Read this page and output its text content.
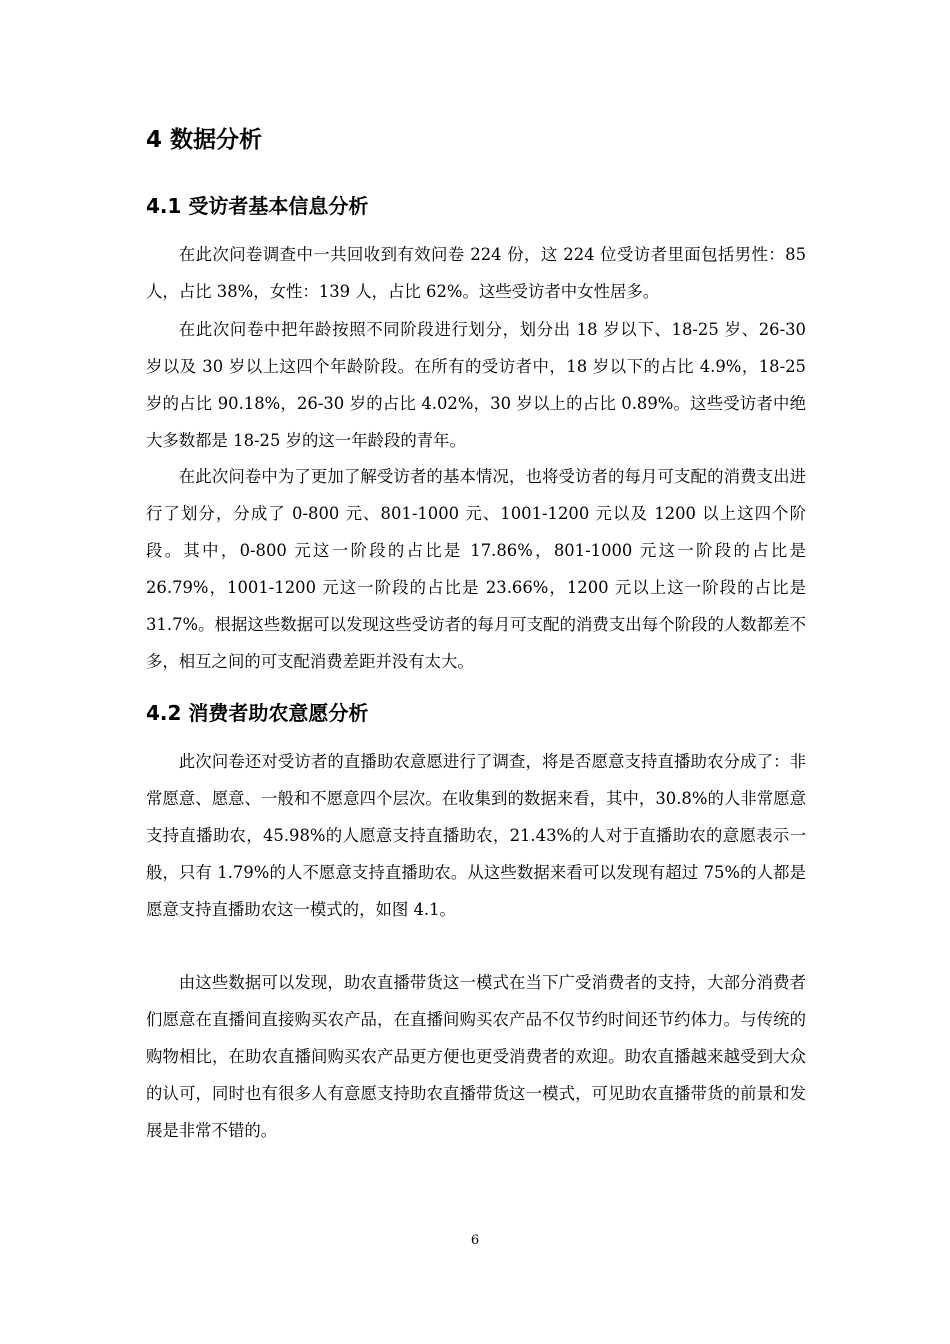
4 数据分析
4.1 受访者基本信息分析

在此次问卷调查中一共回收到有效问卷 224 份，这 224 位受访者里面包括男性：85 人，占比 38%，女性：139 人，占比 62%。这些受访者中女性居多。

在此次问卷中把年龄按照不同阶段进行划分，划分出 18 岁以下、18-25 岁、26-30 岁以及 30 岁以上这四个年龄阶段。在所有的受访者中，18 岁以下的占比 4.9%，18-25 岁的占比 90.18%，26-30 岁的占比 4.02%，30 岁以上的占比 0.89%。这些受访者中绝大多数都是 18-25 岁的这一年龄段的青年。

在此次问卷中为了更加了解受访者的基本情况，也将受访者的每月可支配的消费支出进行了划分，分成了 0-800 元、801-1000 元、1001-1200 元以及 1200 以上这四个阶段。其中，0-800 元这一阶段的占比是 17.86%，801-1000 元这一阶段的占比是 26.79%，1001-1200 元这一阶段的占比是 23.66%，1200 元以上这一阶段的占比是 31.7%。根据这些数据可以发现这些受访者的每月可支配的消费支出每个阶段的人数都差不多，相互之间的可支配消费差距并没有太大。

4.2 消费者助农意愿分析

此次问卷还对受访者的直播助农意愿进行了调查，将是否愿意支持直播助农分成了：非常愿意、愿意、一般和不愿意四个层次。在收集到的数据来看，其中，30.8%的人非常愿意支持直播助农，45.98%的人愿意支持直播助农，21.43%的人对于直播助农的意愿表示一般，只有 1.79%的人不愿意支持直播助农。从这些数据来看可以发现有超过 75%的人都是愿意支持直播助农这一模式的，如图 4.1。

由这些数据可以发现，助农直播带货这一模式在当下广受消费者的支持，大部分消费者们愿意在直播间直接购买农产品，在直播间购买农产品不仅节约时间还节约体力。与传统的购物相比，在助农直播间购买农产品更方便也更受消费者的欢迎。助农直播越来越受到大众的认可，同时也有很多人有意愿支持助农直播带货这一模式，可见助农直播带货的前景和发展是非常不错的。

6
